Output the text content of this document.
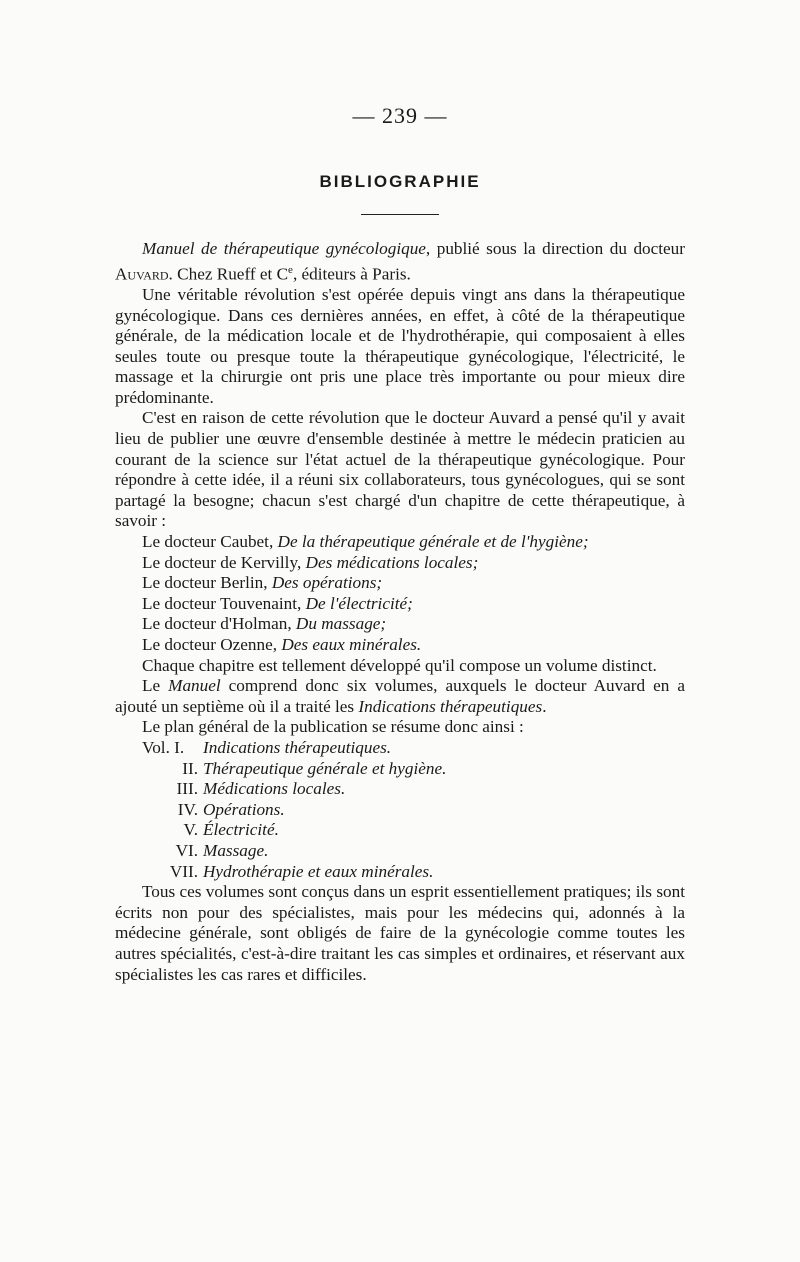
— 239 —
BIBLIOGRAPHIE

Manuel de thérapeutique gynécologique, publié sous la direction du docteur Auvard. Chez Rueff et Ce, éditeurs à Paris.

Une véritable révolution s'est opérée depuis vingt ans dans la thérapeutique gynécologique. Dans ces dernières années, en effet, à côté de la thérapeutique générale, de la médication locale et de l'hydrothérapie, qui composaient à elles seules toute ou presque toute la thérapeutique gynécologique, l'électricité, le massage et la chirurgie ont pris une place très importante ou pour mieux dire prédominante.

C'est en raison de cette révolution que le docteur Auvard a pensé qu'il y avait lieu de publier une œuvre d'ensemble destinée à mettre le médecin praticien au courant de la science sur l'état actuel de la thérapeutique gynécologique. Pour répondre à cette idée, il a réuni six collaborateurs, tous gynécologues, qui se sont partagé la besogne; chacun s'est chargé d'un chapitre de cette thérapeutique, à savoir :

Le docteur Caubet, De la thérapeutique générale et de l'hygiène;
Le docteur de Kervilly, Des médications locales;
Le docteur Berlin, Des opérations;
Le docteur Touvenaint, De l'électricité;
Le docteur d'Holman, Du massage;
Le docteur Ozenne, Des eaux minérales.

Chaque chapitre est tellement développé qu'il compose un volume distinct.

Le Manuel comprend donc six volumes, auxquels le docteur Auvard en a ajouté un septième où il a traité les Indications thérapeutiques.

Le plan général de la publication se résume donc ainsi :

Vol. I.	Indications thérapeutiques.
II. Thérapeutique générale et hygiène.
III. Médications locales.
IV. Opérations.
V. Électricité.
VI. Massage.
VII. Hydrothérapie et eaux minérales.

Tous ces volumes sont conçus dans un esprit essentiellement pratiques; ils sont écrits non pour des spécialistes, mais pour les médecins qui, adonnés à la médecine générale, sont obligés de faire de la gynécologie comme toutes les autres spécialités, c'est-à-dire traitant les cas simples et ordinaires, et réservant aux spécialistes les cas rares et difficiles.
